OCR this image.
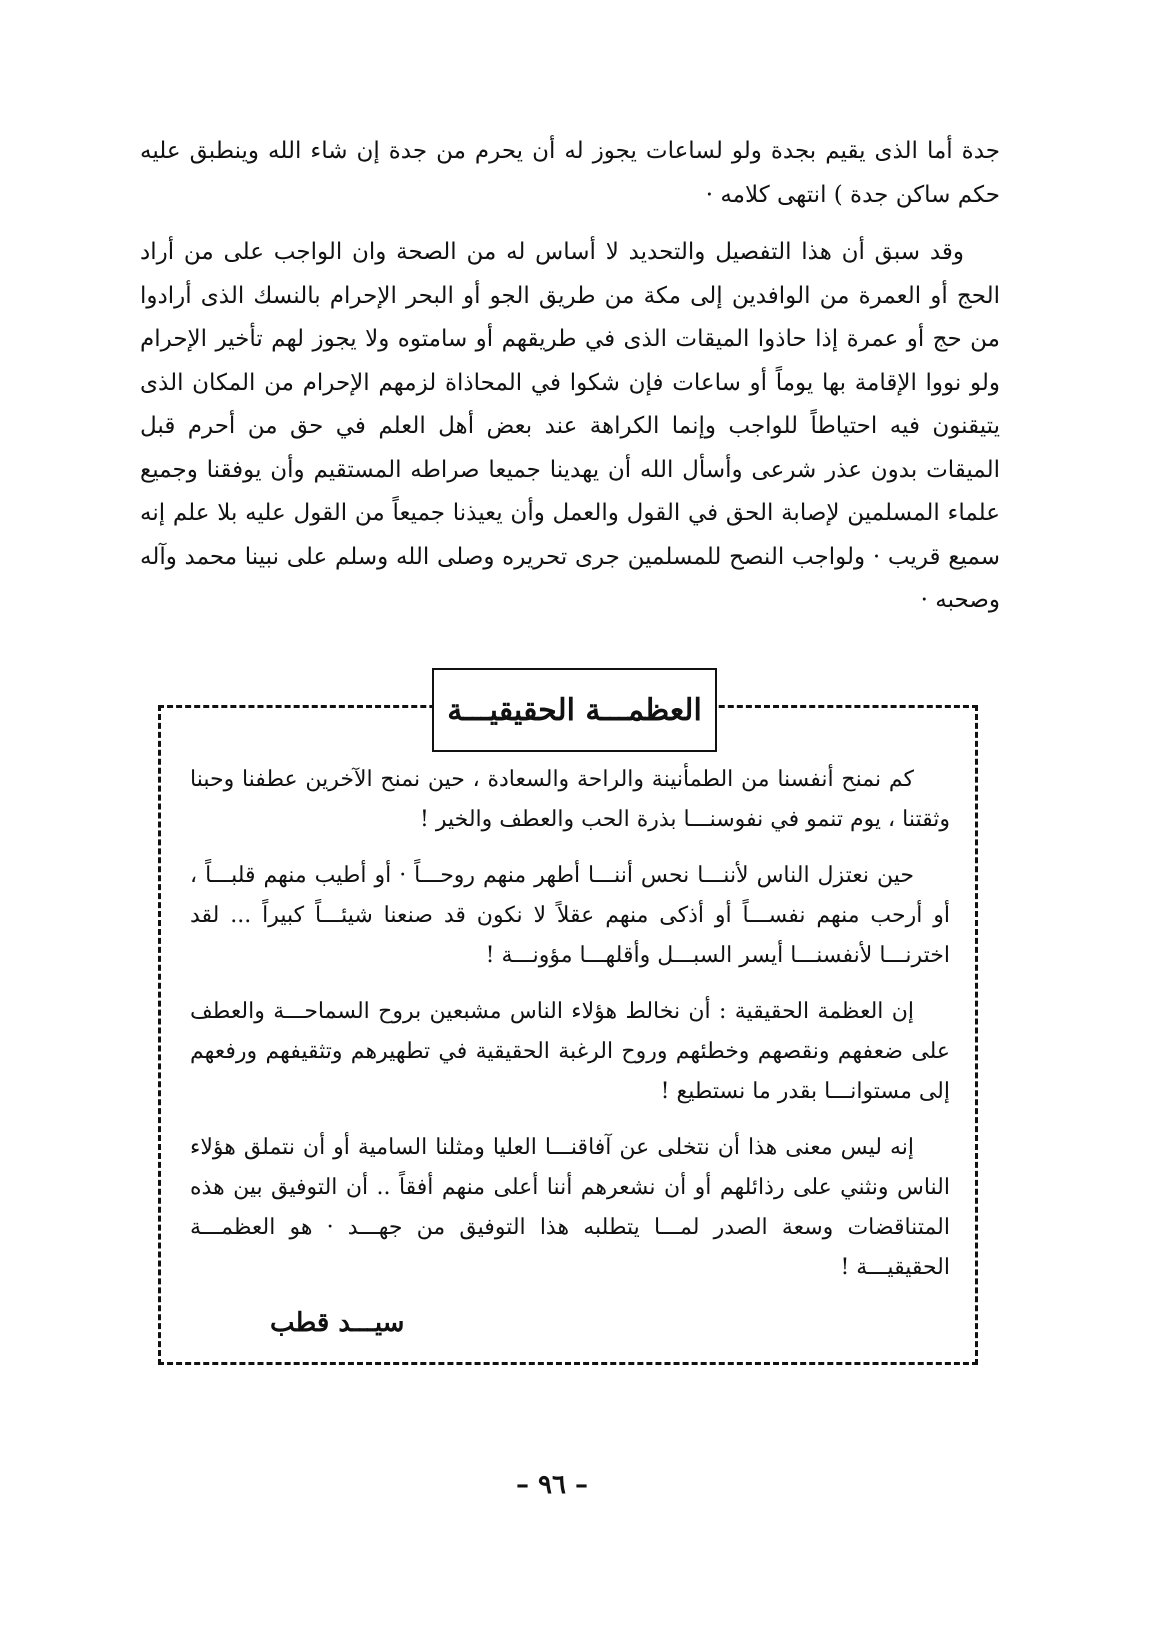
جدة أما الذى يقيم بجدة ولو لساعات يجوز له أن يحرم من جدة إن شاء الله وينطبق عليه حكم ساكن جدة ) انتهى كلامه ·

وقد سبق أن هذا التفصيل والتحديد لا أساس له من الصحة وان الواجب على من أراد الحج أو العمرة من الوافدين إلى مكة من طريق الجو أو البحر الإحرام بالنسك الذى أرادوا من حج أو عمرة إذا حاذوا الميقات الذى في طريقهم أو سامتوه ولا يجوز لهم تأخير الإحرام ولو نووا الإقامة بها يوماً أو ساعات فإن شكوا في المحاذاة لزمهم الإحرام من المكان الذى يتيقنون فيه احتياطاً للواجب وإنما الكراهة عند بعض أهل العلم في حق من أحرم قبل الميقات بدون عذر شرعى وأسأل الله أن يهدينا جميعا صراطه المستقيم وأن يوفقنا وجميع علماء المسلمين لإصابة الحق في القول والعمل وأن يعيذنا جميعاً من القول عليه بلا علم إنه سميع قريب · ولواجب النصح للمسلمين جرى تحريره وصلى الله وسلم على نبينا محمد وآله وصحبه ·

العظمـــة الحقيقيـــة

كم نمنح أنفسنا من الطمأنينة والراحة والسعادة ، حين نمنح الآخرين عطفنا وحبنا وثقتنا ، يوم تنمو في نفوسنـــا بذرة الحب والعطف والخير !

حين نعتزل الناس لأننـــا نحس أننـــا أطهر منهم روحـــاً · أو أطيب منهم قلبـــاً ، أو أرحب منهم نفســـاً أو أذكى منهم عقلاً لا نكون قد صنعنا شيئـــاً كبيراً ... لقد اخترنـــا لأنفسنـــا أيسر السبـــل وأقلهـــا مؤونـــة !

إن العظمة الحقيقية : أن نخالط هؤلاء الناس مشبعين بروح السماحـــة والعطف على ضعفهم ونقصهم وخطئهم وروح الرغبة الحقيقية في تطهيرهم وتثقيفهم ورفعهم إلى مستوانـــا بقدر ما نستطيع !

إنه ليس معنى هذا أن نتخلى عن آفاقنـــا العليا ومثلنا السامية أو أن نتملق هؤلاء الناس ونثني على رذائلهم أو أن نشعرهم أننا أعلى منهم أفقاً .. أن التوفيق بين هذه المتناقضات وسعة الصدر لمـــا يتطلبه هذا التوفيق من جهـــد · هو العظمـــة الحقيقيـــة !

سيـــد قطب
– ٩٦ –
